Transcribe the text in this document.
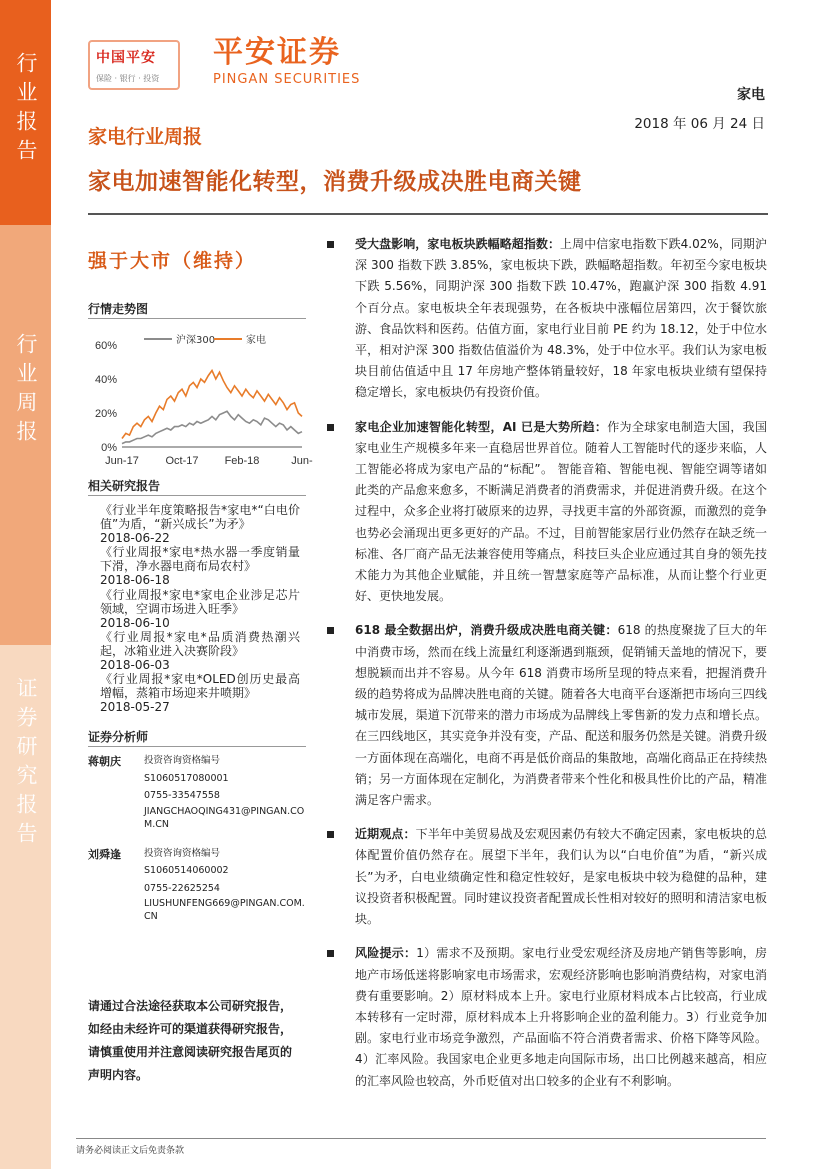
行业报告
行业周报
证券研究报告
中国平安
保险 · 银行 · 投资
平安证券
PINGAN SECURITIES
家电
家电行业周报
2018 年 06 月 24 日
家电加速智能化转型，消费升级成决胜电商关键
强于大市（维持）
行情走势图
0%
20%
40%
60%
Jun-17 Oct-17 Feb-18	Jun-
沪深300	家电
相关研究报告
《行业半年度策略报告*家电*“白电价值”为盾，“新兴成长”为矛》
2018-06-22
《行业周报*家电*热水器一季度销量下滑，净水器电商布局农村》
2018-06-18
《行业周报*家电*家电企业涉足芯片领域，空调市场进入旺季》
2018-06-10
《行业周报*家电*品质消费热潮兴起，冰箱业进入决赛阶段》
2018-06-03
《行业周报*家电*OLED创历史最高增幅，蒸箱市场迎来井喷期》
2018-05-27
证券分析师
蒋朝庆	投资咨询资格编号
S1060517080001
0755-33547558
JIANGCHAOQING431@PINGAN.COM.CN
刘舜逢	投资咨询资格编号
S1060514060002
0755-22625254
LIUSHUNFENG669@PINGAN.COM.CN
请通过合法途径获取本公司研究报告，如经由未经许可的渠道获得研究报告，请慎重使用并注意阅读研究报告尾页的声明内容。
受大盘影响，家电板块跌幅略超指数：上周中信家电指数下跌4.02%，同期沪深 300 指数下跌 3.85%，家电板块下跌，跌幅略超指数。年初至今家电板块下跌 5.56%，同期沪深 300 指数下跌 10.47%，跑赢沪深 300 指数 4.91 个百分点。家电板块全年表现强势，在各板块中涨幅位居第四，次于餐饮旅游、食品饮料和医药。估值方面，家电行业目前 PE 约为 18.12，处于中位水平，相对沪深 300 指数估值溢价为 48.3%，处于中位水平。我们认为家电板块目前估值适中且 17 年房地产整体销量较好，18 年家电板块业绩有望保持稳定增长，家电板块仍有投资价值。
家电企业加速智能化转型，AI 已是大势所趋：作为全球家电制造大国，我国家电业生产规模多年来一直稳居世界首位。随着人工智能时代的逐步来临，人工智能必将成为家电产品的“标配”。 智能音箱、智能电视、智能空调等诸如此类的产品愈来愈多，不断满足消费者的消费需求，并促进消费升级。在这个过程中，众多企业将打破原来的边界，寻找更丰富的外部资源，而激烈的竞争也势必会涌现出更多更好的产品。不过，目前智能家居行业仍然存在缺乏统一标准、各厂商产品无法兼容使用等痛点，科技巨头企业应通过其自身的领先技术能力为其他企业赋能，并且统一智慧家庭等产品标准，从而让整个行业更好、更快地发展。
618 最全数据出炉，消费升级成决胜电商关键：618 的热度聚拢了巨大的年中消费市场，然而在线上流量红利逐渐遇到瓶颈，促销铺天盖地的情况下，要想脱颖而出并不容易。从今年 618 消费市场所呈现的特点来看，把握消费升级的趋势将成为品牌决胜电商的关键。随着各大电商平台逐渐把市场向三四线城市发展，渠道下沉带来的潜力市场成为品牌线上零售新的发力点和增长点。在三四线地区，其实竞争并没有变，产品、配送和服务仍然是关键。消费升级一方面体现在高端化，电商不再是低价商品的集散地，高端化商品正在持续热销；另一方面体现在定制化，为消费者带来个性化和极具性价比的产品，精准满足客户需求。
近期观点：下半年中美贸易战及宏观因素仍有较大不确定因素，家电板块的总体配置价值仍然存在。展望下半年，我们认为以“白电价值”为盾，“新兴成长”为矛，白电业绩确定性和稳定性较好，是家电板块中较为稳健的品种，建议投资者积极配置。同时建议投资者配置成长性相对较好的照明和清洁家电板块。
风险提示：1）需求不及预期。家电行业受宏观经济及房地产销售等影响，房地产市场低迷将影响家电市场需求，宏观经济影响也影响消费结构，对家电消费有重要影响。2）原材料成本上升。家电行业原材料成本占比较高，行业成本转移有一定时滞，原材料成本上升将影响企业的盈利能力。3）行业竞争加剧。家电行业市场竞争激烈，产品面临不符合消费者需求、价格下降等风险。4）汇率风险。我国家电企业更多地走向国际市场，出口比例越来越高，相应的汇率风险也较高，外币贬值对出口较多的企业有不利影响。
请务必阅读正文后免责条款
